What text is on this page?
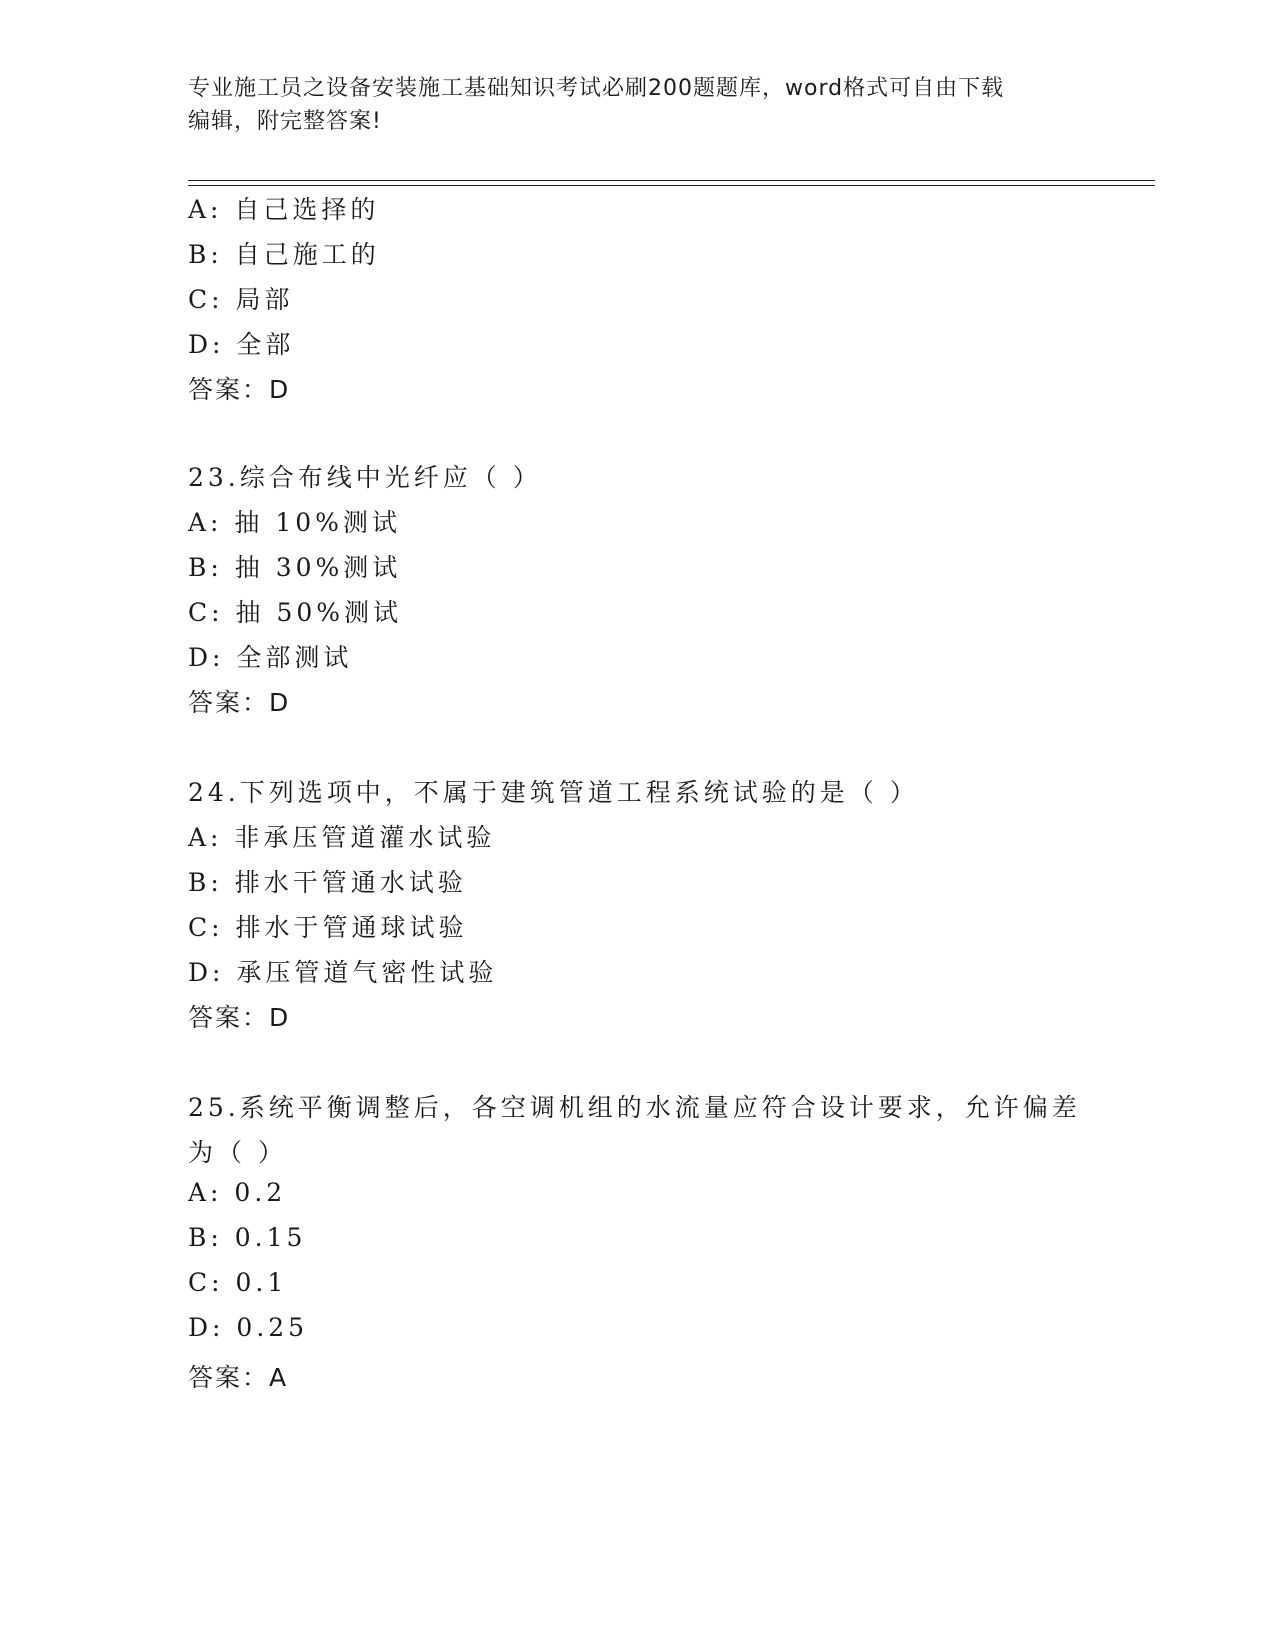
专业施工员之设备安装施工基础知识考试必刷200题题库，word格式可自由下载
编辑，附完整答案!
A: 自己选择的
B: 自己施工的
C: 局部
D: 全部
答案：D
23.综合布线中光纤应（ ）
A: 抽 10%测试
B: 抽 30%测试
C: 抽 50%测试
D: 全部测试
答案：D
24.下列选项中，不属于建筑管道工程系统试验的是（ ）
A: 非承压管道灌水试验
B: 排水干管通水试验
C: 排水于管通球试验
D: 承压管道气密性试验
答案：D
25.系统平衡调整后，各空调机组的水流量应符合设计要求，允许偏差
为（ ）
A: 0.2
B: 0.15
C: 0.1
D: 0.25
答案：A
